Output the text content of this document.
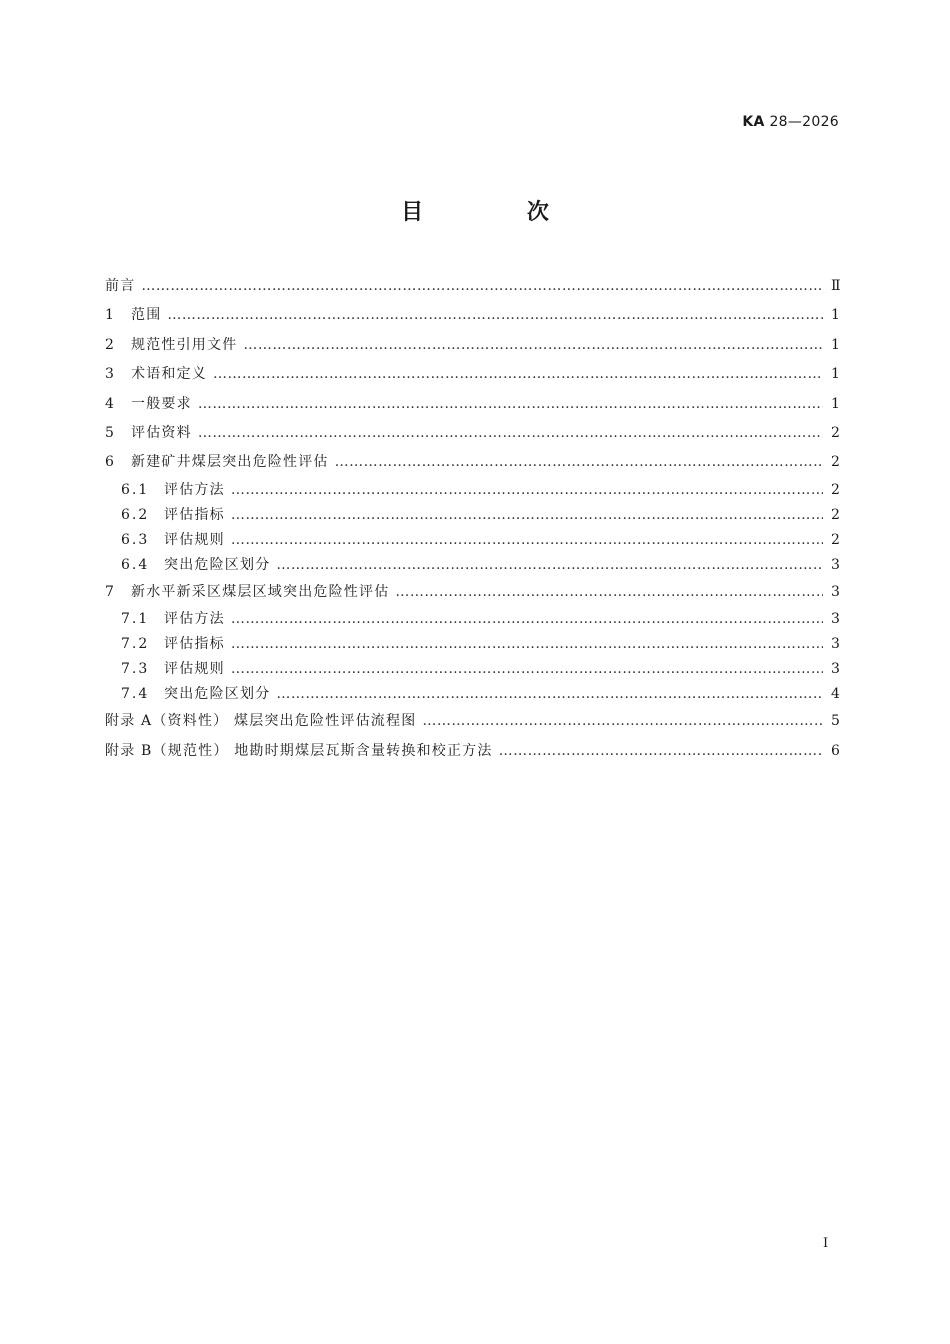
KA 28—2026
目 次
前言 …………………………………………………………………………………………………………………………………………………………………………	Ⅱ
1	范围 …………………………………………………………………………………………………………………………………………………………………………	1
2	规范性引用文件 …………………………………………………………………………………………………………………………………………………………………………	1
3	术语和定义 …………………………………………………………………………………………………………………………………………………………………………	1
4	一般要求 …………………………………………………………………………………………………………………………………………………………………………	1
5	评估资料 …………………………………………………………………………………………………………………………………………………………………………	2
6	新建矿井煤层突出危险性评估 …………………………………………………………………………………………………………………………………………………………………………	2
6.1	评估方法 …………………………………………………………………………………………………………………………………………………………………………	2
6.2	评估指标 …………………………………………………………………………………………………………………………………………………………………………	2
6.3	评估规则 …………………………………………………………………………………………………………………………………………………………………………	2
6.4	突出危险区划分 …………………………………………………………………………………………………………………………………………………………………………	3
7	新水平新采区煤层区域突出危险性评估 …………………………………………………………………………………………………………………………………………………………………………	3
7.1	评估方法 …………………………………………………………………………………………………………………………………………………………………………	3
7.2	评估指标 …………………………………………………………………………………………………………………………………………………………………………	3
7.3	评估规则 …………………………………………………………………………………………………………………………………………………………………………	3
7.4	突出危险区划分 …………………………………………………………………………………………………………………………………………………………………………	4
附录 A（资料性） 煤层突出危险性评估流程图 …………………………………………………………………………………………………………………………………………………………………………	5
附录 B（规范性） 地勘时期煤层瓦斯含量转换和校正方法 …………………………………………………………………………………………………………………………………………………………………………	6
I
